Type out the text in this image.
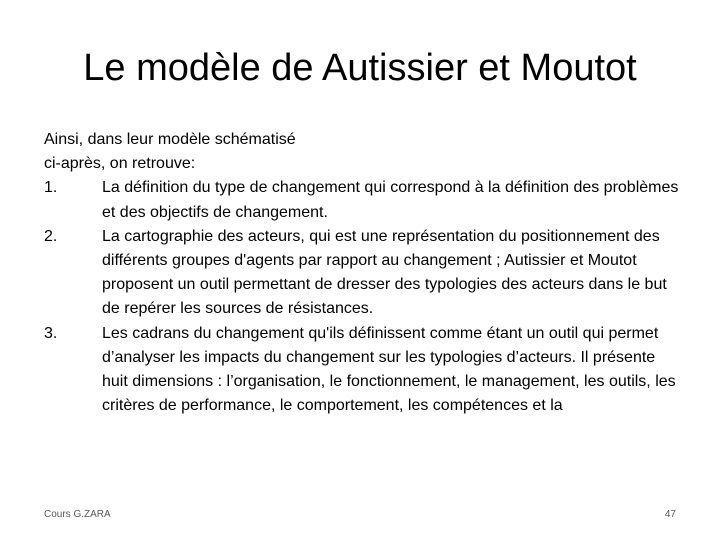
Le modèle de Autissier et Moutot
Ainsi, dans leur modèle schématisé
ci-après, on retrouve:
1.	La définition du type de changement qui correspond à la définition des problèmes et des objectifs de changement.
2.	La cartographie des acteurs, qui est une représentation du positionnement des différents groupes d'agents par rapport au changement ; Autissier et Moutot proposent un outil permettant de dresser des typologies des acteurs dans le but de repérer les sources de résistances.
3.	Les cadrans du changement qu'ils définissent comme étant un outil qui permet d’analyser les impacts du changement sur les typologies d’acteurs. Il présente huit dimensions : l’organisation, le fonctionnement, le management, les outils, les critères de performance, le comportement, les compétences et la
Cours G.ZARA	47
